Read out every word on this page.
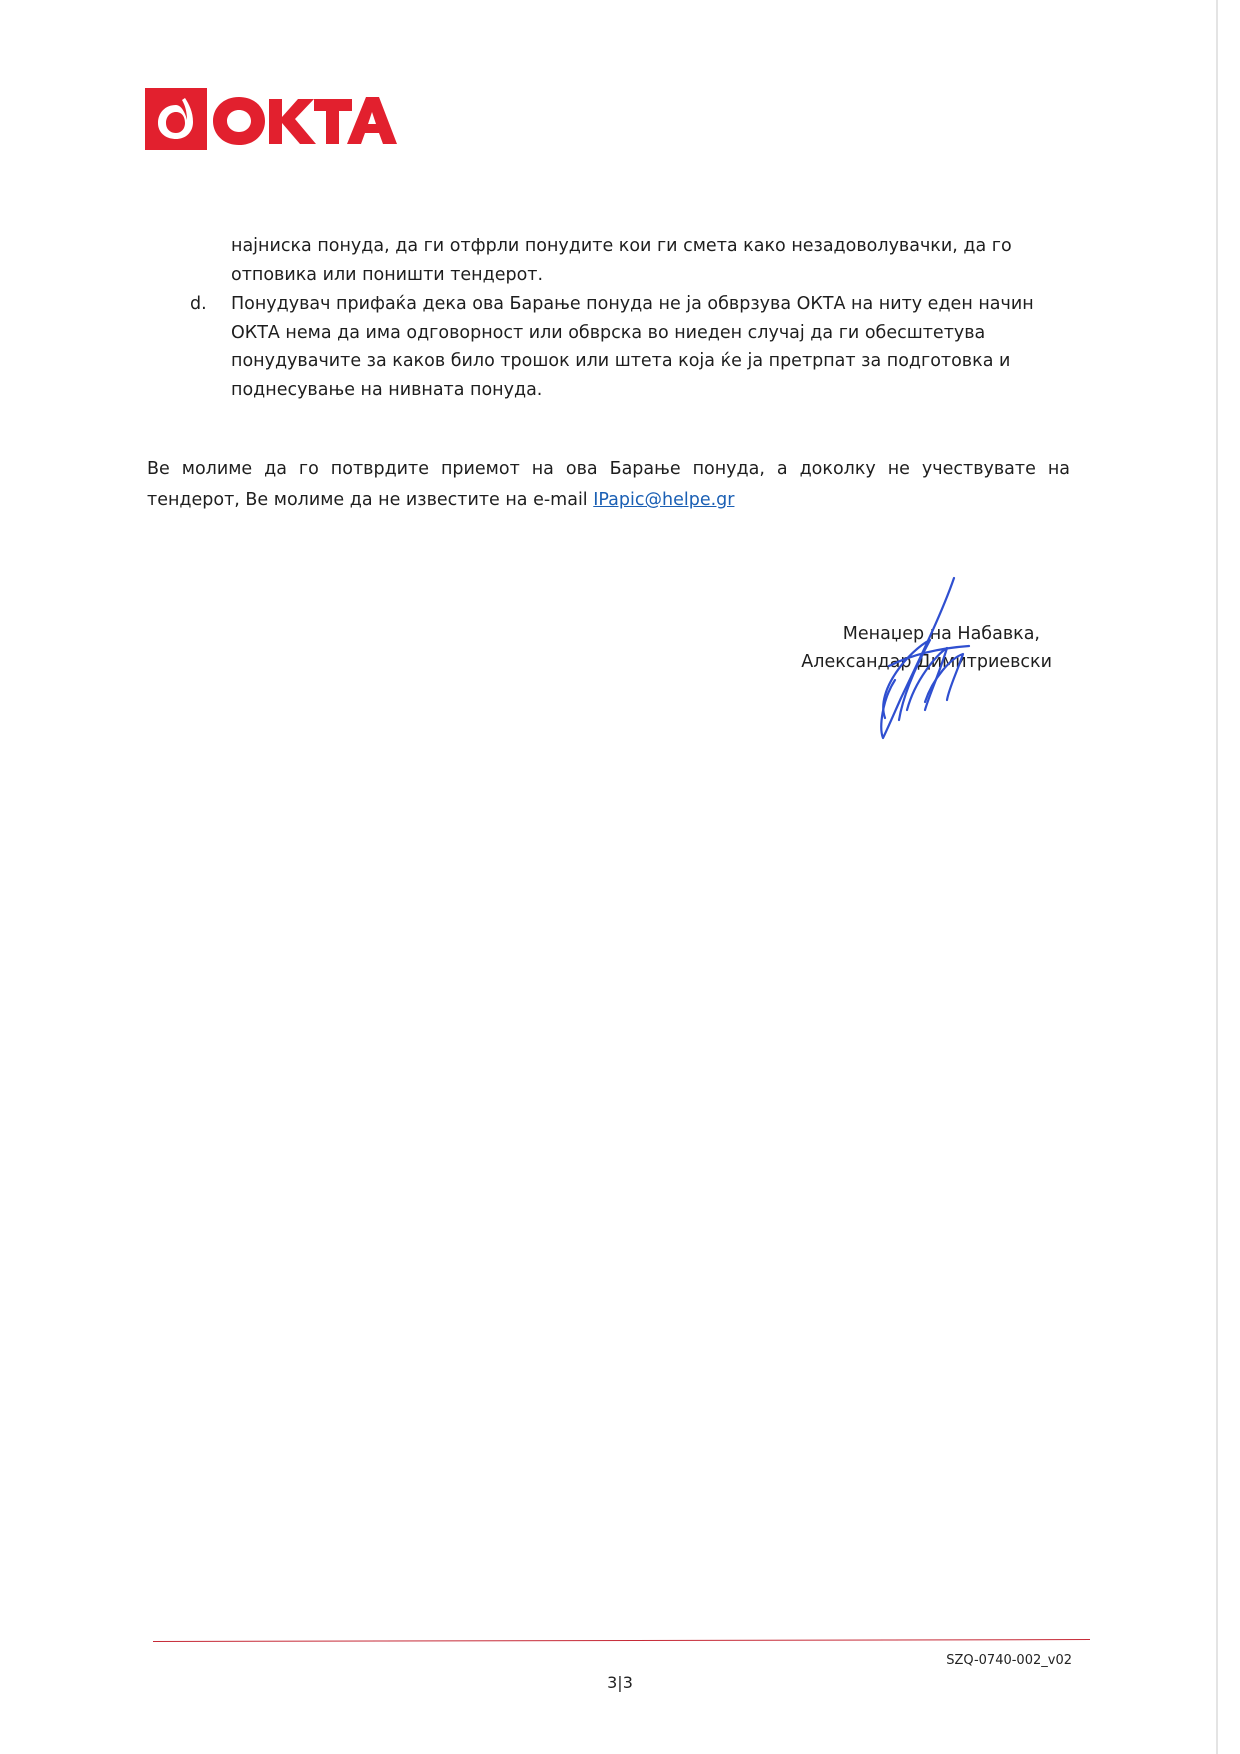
најниска понуда, да ги отфрли понудите кои ги смета како незадоволувачки, да го отповика или поништи тендерот.

d. Понудувач прифаќа дека ова Барање понуда не ја обврзува ОКТА на ниту еден начин ОКТА нема да има одговорност или обврска во ниеден случај да ги обесштетува понудувачите за каков било трошок или штета која ќе ја претрпат за подготовка и поднесување на нивната понуда.

Ве молиме да го потврдите приемот на ова Барање понуда, а доколку не учествувате на тендерот, Ве молиме да не известите на e-mail IPapic@helpe.gr

Менаџер на Набавка,
Александар Димитриевски
SZQ-0740-002_v02
3|3
